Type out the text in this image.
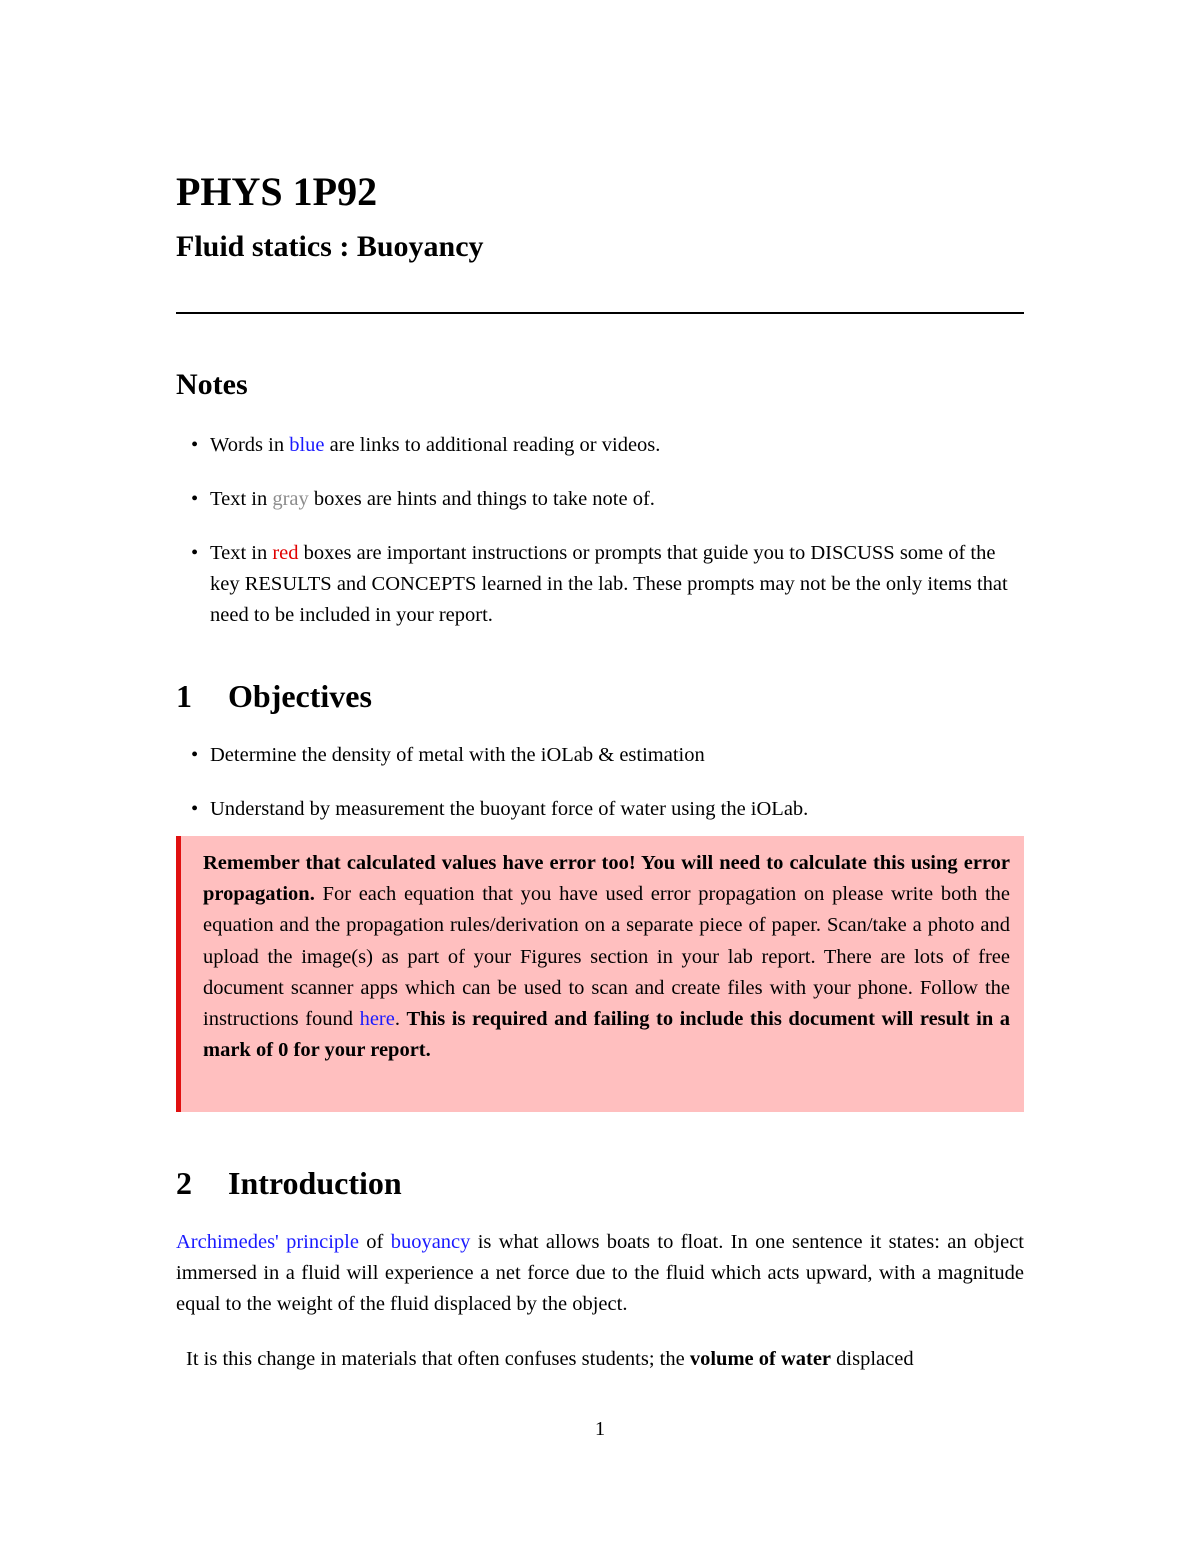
PHYS 1P92
Fluid statics : Buoyancy
Notes
• Words in blue are links to additional reading or videos.
• Text in gray boxes are hints and things to take note of.
• Text in red boxes are important instructions or prompts that guide you to DISCUSS some of the key RESULTS and CONCEPTS learned in the lab. These prompts may not be the only items that need to be included in your report.
1 Objectives
• Determine the density of metal with the iOLab & estimation
• Understand by measurement the buoyant force of water using the iOLab.

Remember that calculated values have error too! You will need to calculate this using error propagation. For each equation that you have used error propagation on please write both the equation and the propagation rules/derivation on a separate piece of paper. Scan/take a photo and upload the image(s) as part of your Figures section in your lab report. There are lots of free document scanner apps which can be used to scan and create files with your phone. Follow the instructions found here. This is required and failing to include this document will result in a mark of 0 for your report.

2 Introduction

Archimedes' principle of buoyancy is what allows boats to float. In one sentence it states: an object immersed in a fluid will experience a net force due to the fluid which acts upward, with a magnitude equal to the weight of the fluid displaced by the object.

It is this change in materials that often confuses students; the volume of water displaced

1
